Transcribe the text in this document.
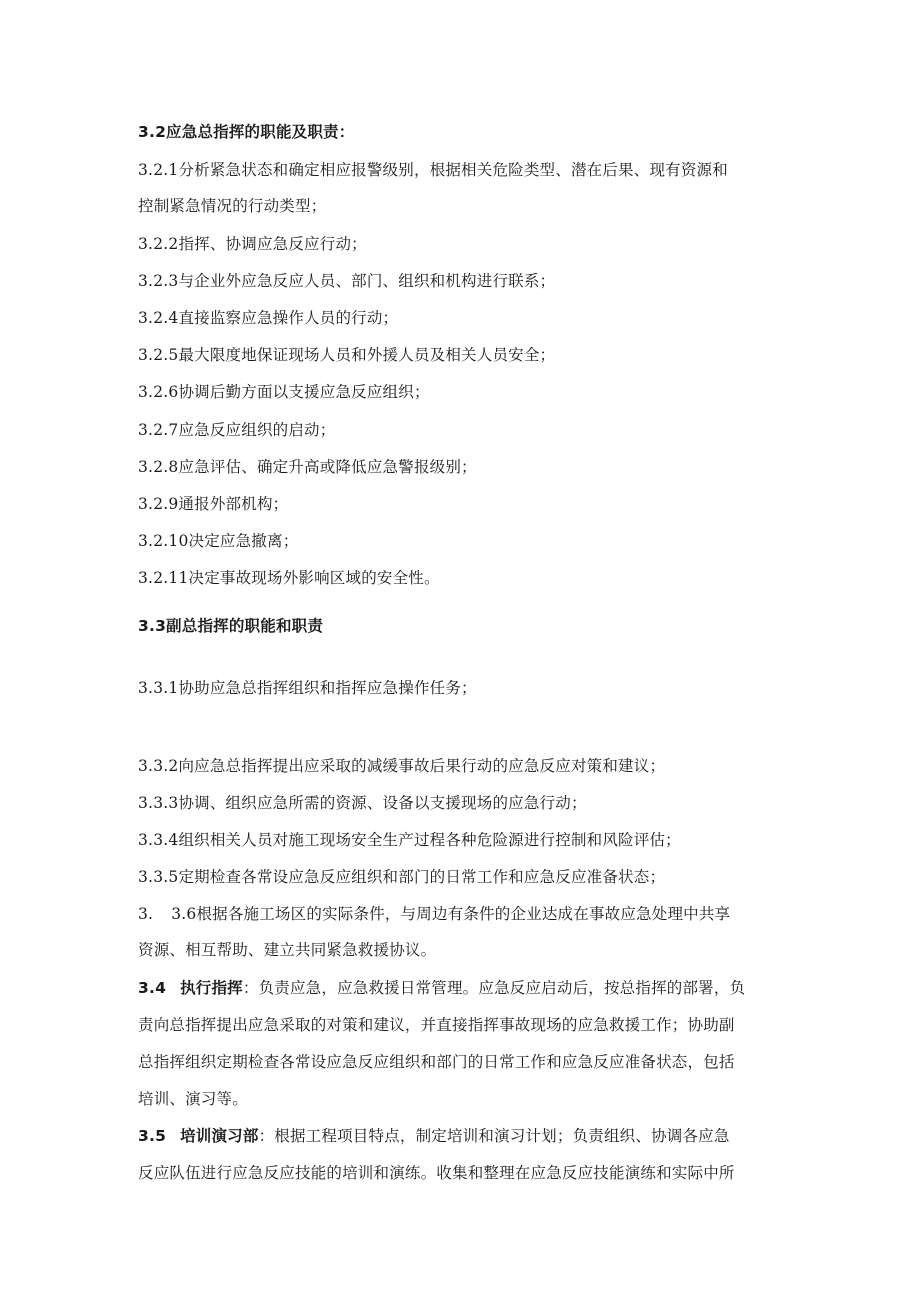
3.2应急总指挥的职能及职责：
3.2.1分析紧急状态和确定相应报警级别，根据相关危险类型、潜在后果、现有资源和
控制紧急情况的行动类型；
3.2.2指挥、协调应急反应行动；
3.2.3与企业外应急反应人员、部门、组织和机构进行联系；
3.2.4直接监察应急操作人员的行动；
3.2.5最大限度地保证现场人员和外援人员及相关人员安全；
3.2.6协调后勤方面以支援应急反应组织；
3.2.7应急反应组织的启动；
3.2.8应急评估、确定升高或降低应急警报级别；
3.2.9通报外部机构；
3.2.10决定应急撤离；
3.2.11决定事故现场外影响区域的安全性。
3.3副总指挥的职能和职责
3.3.1协助应急总指挥组织和指挥应急操作任务；
3.3.2向应急总指挥提出应采取的减缓事故后果行动的应急反应对策和建议；
3.3.3协调、组织应急所需的资源、设备以支援现场的应急行动；
3.3.4组织相关人员对施工现场安全生产过程各种危险源进行控制和风险评估；
3.3.5定期检查各常设应急反应组织和部门的日常工作和应急反应准备状态；
3. 3.6根据各施工场区的实际条件，与周边有条件的企业达成在事故应急处理中共享
资源、相互帮助、建立共同紧急救援协议。
3.4 执行指挥：负责应急，应急救援日常管理。应急反应启动后，按总指挥的部署，负
责向总指挥提出应急采取的对策和建议，并直接指挥事故现场的应急救援工作；协助副
总指挥组织定期检查各常设应急反应组织和部门的日常工作和应急反应准备状态，包括
培训、演习等。
3.5 培训演习部：根据工程项目特点，制定培训和演习计划；负责组织、协调各应急
反应队伍进行应急反应技能的培训和演练。收集和整理在应急反应技能演练和实际中所
